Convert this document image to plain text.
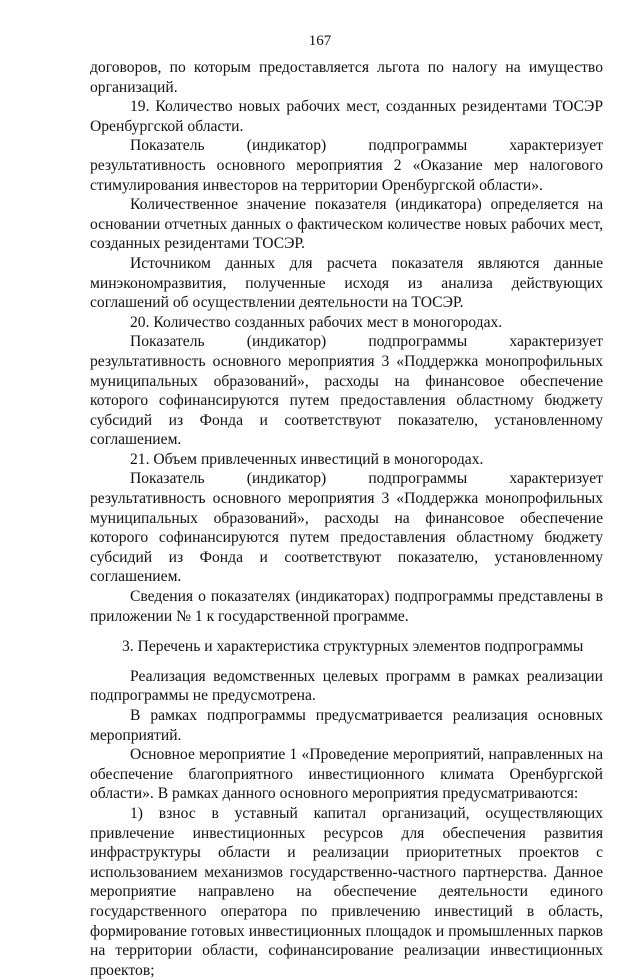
167

договоров, по которым предоставляется льгота по налогу на имущество организаций.

19. Количество новых рабочих мест, созданных резидентами ТОСЭР Оренбургской области.

Показатель (индикатор) подпрограммы характеризует результативность основного мероприятия 2 «Оказание мер налогового стимулирования инвесторов на территории Оренбургской области».

Количественное значение показателя (индикатора) определяется на основании отчетных данных о фактическом количестве новых рабочих мест, созданных резидентами ТОСЭР.

Источником данных для расчета показателя являются данные минэкономразвития, полученные исходя из анализа действующих соглашений об осуществлении деятельности на ТОСЭР.

20. Количество созданных рабочих мест в моногородах.

Показатель (индикатор) подпрограммы характеризует результативность основного мероприятия 3 «Поддержка монопрофильных муниципальных образований», расходы на финансовое обеспечение которого софинансируются путем предоставления областному бюджету субсидий из Фонда и соответствуют показателю, установленному соглашением.

21. Объем привлеченных инвестиций в моногородах.

Показатель (индикатор) подпрограммы характеризует результативность основного мероприятия 3 «Поддержка монопрофильных муниципальных образований», расходы на финансовое обеспечение которого софинансируются путем предоставления областному бюджету субсидий из Фонда и соответствуют показателю, установленному соглашением.

Сведения о показателях (индикаторах) подпрограммы представлены в приложении № 1 к государственной программе.

3. Перечень и характеристика структурных элементов подпрограммы

Реализация ведомственных целевых программ в рамках реализации подпрограммы не предусмотрена.

В рамках подпрограммы предусматривается реализация основных мероприятий.

Основное мероприятие 1 «Проведение мероприятий, направленных на обеспечение благоприятного инвестиционного климата Оренбургской области». В рамках данного основного мероприятия предусматриваются:

1) взнос в уставный капитал организаций, осуществляющих привлечение инвестиционных ресурсов для обеспечения развития инфраструктуры области и реализации приоритетных проектов с использованием механизмов государственно-частного партнерства. Данное мероприятие направлено на обеспечение деятельности единого государственного оператора по привлечению инвестиций в область, формирование готовых инвестиционных площадок и промышленных парков на территории области, софинансирование реализации инвестиционных проектов;
